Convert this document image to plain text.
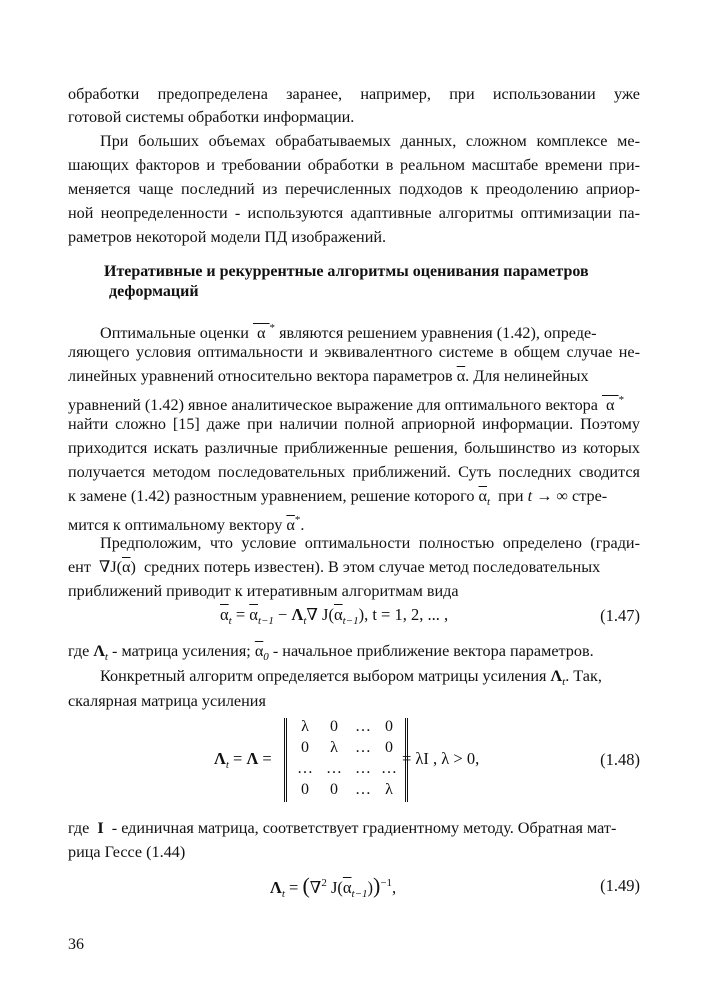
обработки предопределена заранее, например, при использовании уже
готовой системы обработки информации.
При больших объемах обрабатываемых данных, сложном комплексе ме-
шающих факторов и требовании обработки в реальном масштабе времени при-
меняется чаще последний из перечисленных подходов к преодолению априор-
ной неопределенности - используются адаптивные алгоритмы оптимизации па-
раметров некоторой модели ПД изображений.
Итеративные и рекуррентные алгоритмы оценивания параметров
деформаций
Оптимальные оценки  α * являются решением уравнения (1.42), опреде-
ляющего условия оптимальности и эквивалентного системе в общем случае не-
линейных уравнений относительно вектора параметров $\overline{\alpha}$. Для нелинейных
уравнений (1.42) явное аналитическое выражение для оптимального вектора  α *
найти сложно [15] даже при наличии полной априорной информации. Поэтому
приходится искать различные приближенные решения, большинство из которых
получается методом последовательных приближений. Суть последних сводится
к замене (1.42) разностным уравнением, решение которого $\overline{\alpha}_t$ при t → ∞ стре-
мится к оптимальному вектору $\overline{\alpha}^*$.
Предположим, что условие оптимальности полностью определено (гради-
ент  $\nabla J(\overline{\alpha})$  средних потерь известен). В этом случае метод последовательных
приближений приводит к итеративным алгоритмам вида
$\overline{\alpha}_t = \overline{\alpha}_{t-1} - \Lambda_t\nabla$ $J(\overline{\alpha}_{t-1})$, t = 1, 2, ... ,	(1.47)
где $\Lambda_t$ - матрица усиления; $\overline{\alpha}_0$ - начальное приближение вектора параметров.
Конкретный алгоритм определяется выбором матрицы усиления $\Lambda_t$. Так,
скалярная матрица усиления
$\Lambda_t = \Lambda$ =
λ	0	… 0
0	λ	… 0
… … … …
0	0	… λ
= λI , λ > 0,	(1.48)
где  I  - единичная матрица, соответствует градиентному методу. Обратная мат-
рица Гессе (1.44)
$\Lambda_t = (\nabla^2$ $J(\overline{\alpha}_{t-1}))^{-1}$,	(1.49)
36
